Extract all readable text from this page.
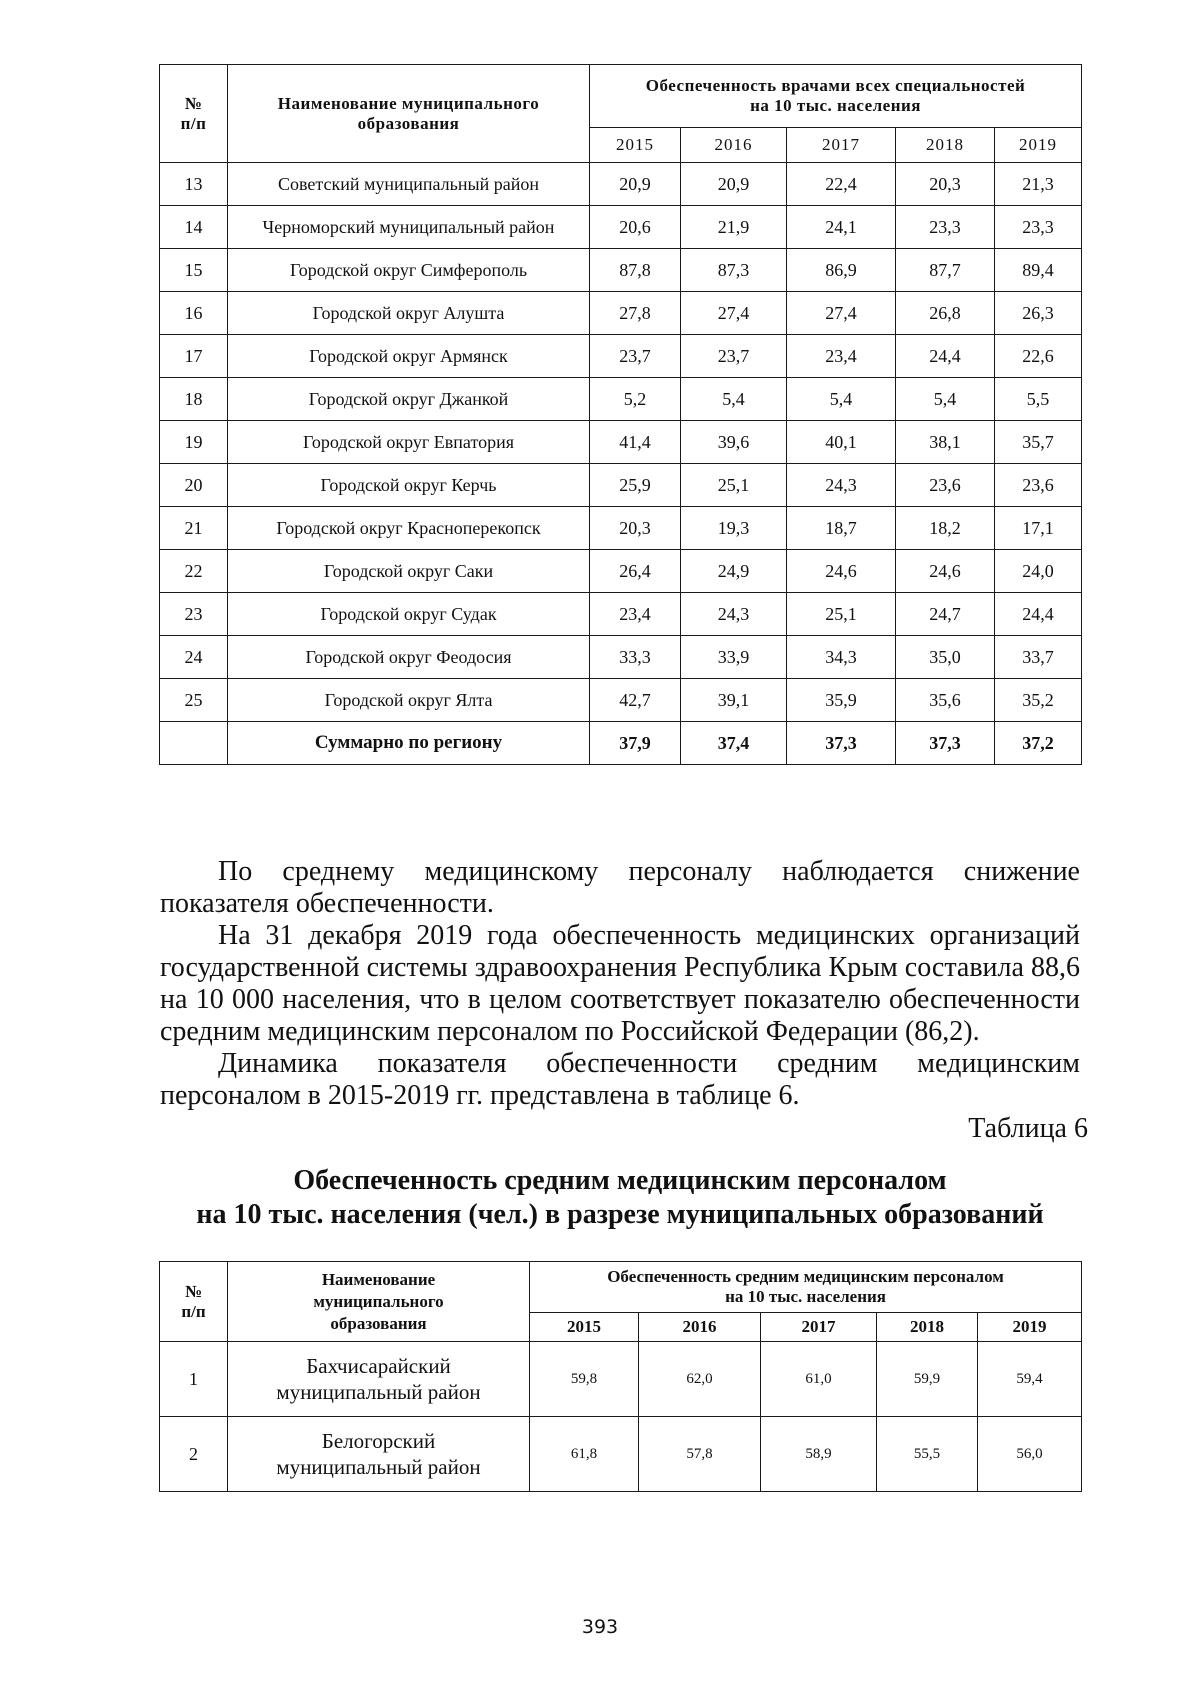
№
п/п	Наименование муниципального образования	Обеспеченность врачами всех специальностей
на 10 тыс. населения				
		2015	2016	2017	2018	2019
13	Советский муниципальный район	20,9	20,9	22,4	20,3	21,3
14	Черноморский муниципальный район	20,6	21,9	24,1	23,3	23,3
15	Городской округ Симферополь	87,8	87,3	86,9	87,7	89,4
16	Городской округ Алушта	27,8	27,4	27,4	26,8	26,3
17	Городской округ Армянск	23,7	23,7	23,4	24,4	22,6
18	Городской округ Джанкой	5,2	5,4	5,4	5,4	5,5
19	Городской округ Евпатория	41,4	39,6	40,1	38,1	35,7
20	Городской округ Керчь	25,9	25,1	24,3	23,6	23,6
21	Городской округ Красноперекопск	20,3	19,3	18,7	18,2	17,1
22	Городской округ Саки	26,4	24,9	24,6	24,6	24,0
23	Городской округ Судак	23,4	24,3	25,1	24,7	24,4
24	Городской округ Феодосия	33,3	33,9	34,3	35,0	33,7
25	Городской округ Ялта	42,7	39,1	35,9	35,6	35,2
	Суммарно по региону	37,9	37,4	37,3	37,3	37,2
По среднему медицинскому персоналу наблюдается снижение показателя обеспеченности.
На 31 декабря 2019 года обеспеченность медицинских организаций государственной системы здравоохранения Республика Крым составила 88,6 на 10 000 населения, что в целом соответствует показателю обеспеченности средним медицинским персоналом по Российской Федерации (86,2).
Динамика показателя обеспеченности средним медицинским персоналом в 2015-2019 гг. представлена в таблице 6.
Таблица 6
Обеспеченность средним медицинским персоналом
на 10 тыс. населения (чел.) в разрезе муниципальных образований
№
п/п	Наименование
муниципального
образования	Обеспеченность средним медицинским персоналом
на 10 тыс. населения				
		2015	2016	2017	2018	2019
1	Бахчисарайский
муниципальный район	59,8	62,0	61,0	59,9	59,4
2	Белогорский
муниципальный район	61,8	57,8	58,9	55,5	56,0
393
